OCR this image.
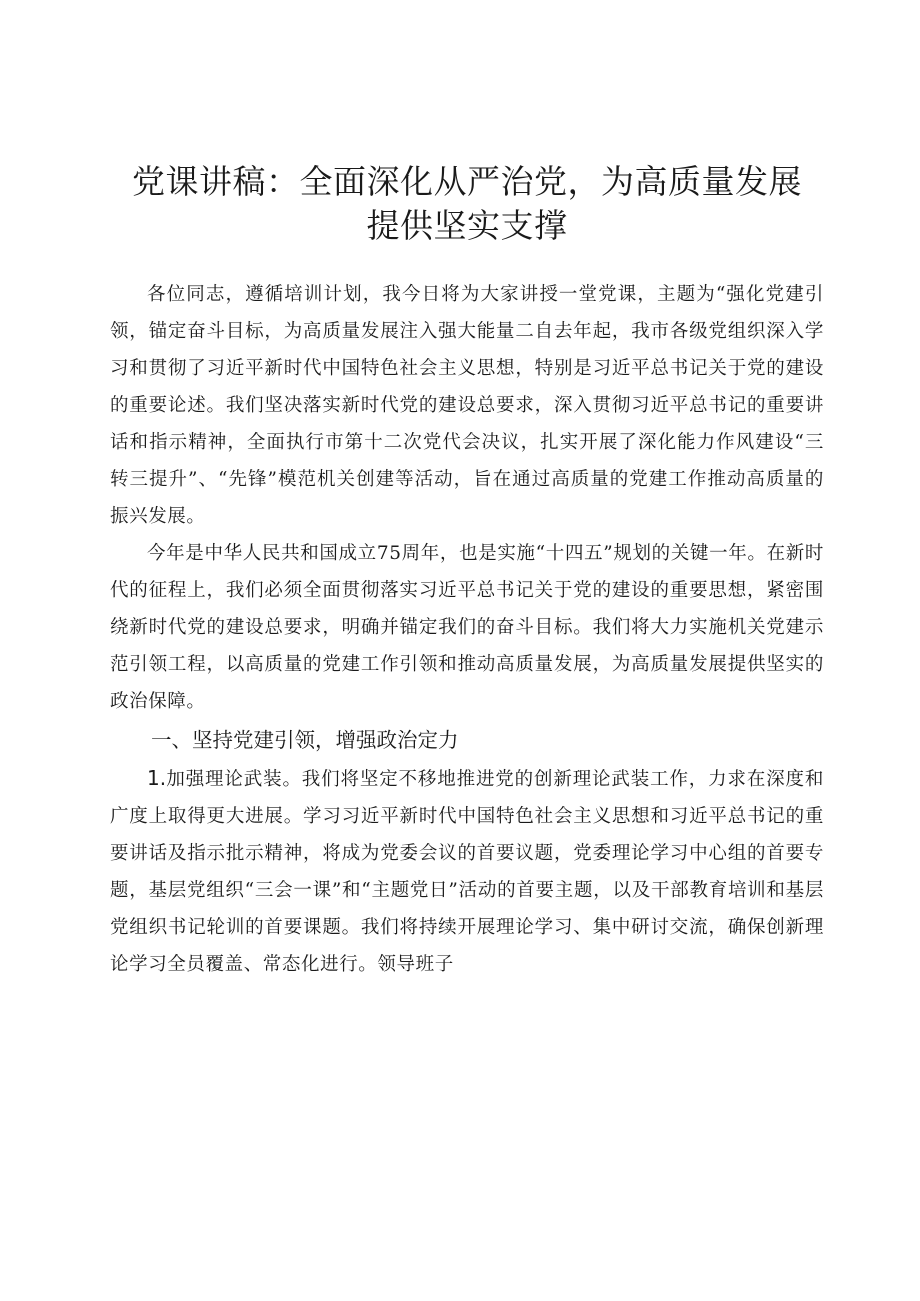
党课讲稿：全面深化从严治党，为高质量发展
提供坚实支撑

各位同志，遵循培训计划，我今日将为大家讲授一堂党课，主题为“强化党建引领，锚定奋斗目标，为高质量发展注入强大能量二自去年起，我市各级党组织深入学习和贯彻了习近平新时代中国特色社会主义思想，特别是习近平总书记关于党的建设的重要论述。我们坚决落实新时代党的建设总要求，深入贯彻习近平总书记的重要讲话和指示精神，全面执行市第十二次党代会决议，扎实开展了深化能力作风建设“三转三提升”、“先锋”模范机关创建等活动，旨在通过高质量的党建工作推动高质量的振兴发展。

今年是中华人民共和国成立75周年，也是实施“十四五”规划的关键一年。在新时代的征程上，我们必须全面贯彻落实习近平总书记关于党的建设的重要思想，紧密围绕新时代党的建设总要求，明确并锚定我们的奋斗目标。我们将大力实施机关党建示范引领工程，以高质量的党建工作引领和推动高质量发展，为高质量发展提供坚实的政治保障。

一、坚持党建引领，增强政治定力

1.加强理论武装。我们将坚定不移地推进党的创新理论武装工作，力求在深度和广度上取得更大进展。学习习近平新时代中国特色社会主义思想和习近平总书记的重要讲话及指示批示精神，将成为党委会议的首要议题，党委理论学习中心组的首要专题，基层党组织“三会一课”和“主题党日”活动的首要主题，以及干部教育培训和基层党组织书记轮训的首要课题。我们将持续开展理论学习、集中研讨交流，确保创新理论学习全员覆盖、常态化进行。领导班子
